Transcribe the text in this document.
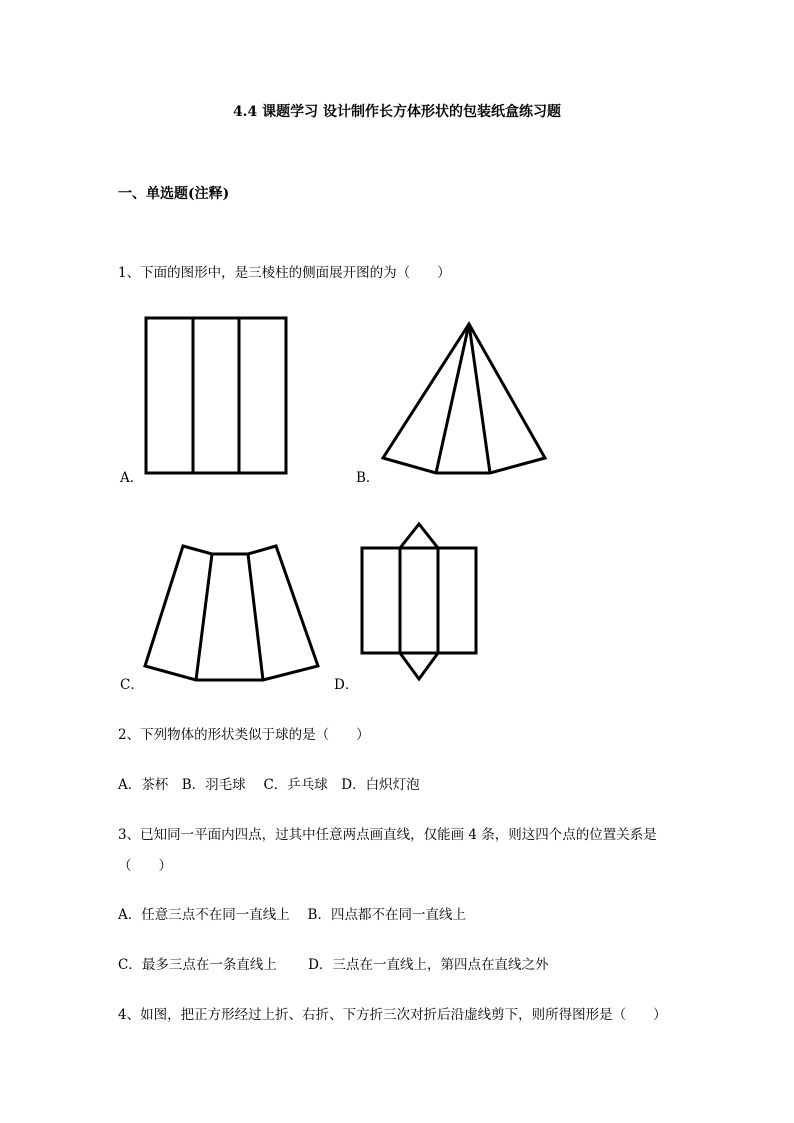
4.4 课题学习 设计制作长方体形状的包装纸盒练习题
一、单选题(注释)
1、下面的图形中，是三棱柱的侧面展开图的为（　　）
A．	B．
C．	D．
2、下列物体的形状类似于球的是（　　）
A．茶杯　B．羽毛球　 C．乒乓球　D．白炽灯泡
3、已知同一平面内四点，过其中任意两点画直线，仅能画 4 条，则这四个点的位置关系是
（　　）
A．任意三点不在同一直线上　 B．四点都不在同一直线上
C．最多三点在一条直线上　　 D．三点在一直线上，第四点在直线之外
4、如图，把正方形经过上折、右折、下方折三次对折后沿虚线剪下，则所得图形是（　　）
